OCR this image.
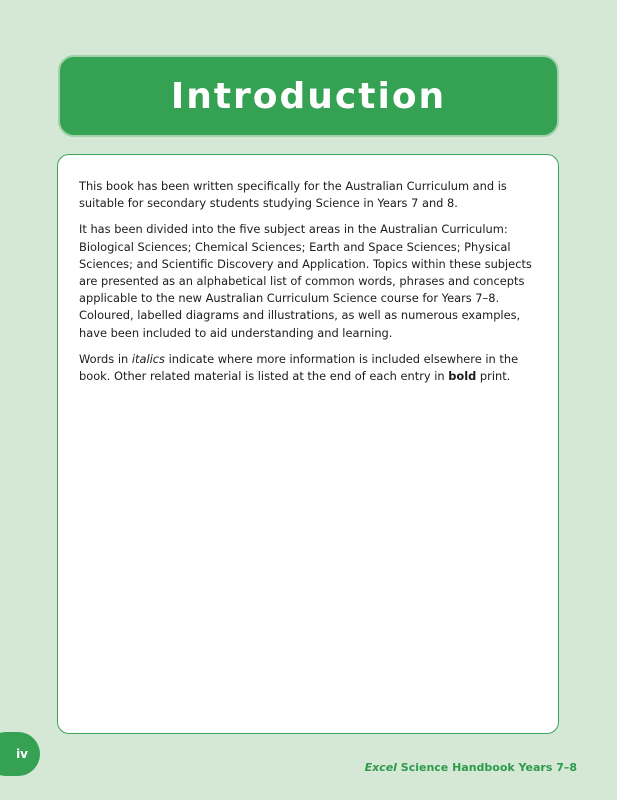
Introduction

This book has been written specifically for the Australian Curriculum and is suitable for secondary students studying Science in Years 7 and 8.

It has been divided into the five subject areas in the Australian Curriculum: Biological Sciences; Chemical Sciences; Earth and Space Sciences; Physical Sciences; and Scientific Discovery and Application. Topics within these subjects are presented as an alphabetical list of common words, phrases and concepts applicable to the new Australian Curriculum Science course for Years 7–8. Coloured, labelled diagrams and illustrations, as well as numerous examples, have been included to aid understanding and learning.

Words in italics indicate where more information is included elsewhere in the book. Other related material is listed at the end of each entry in bold print.

iv
Excel Science Handbook Years 7–8
